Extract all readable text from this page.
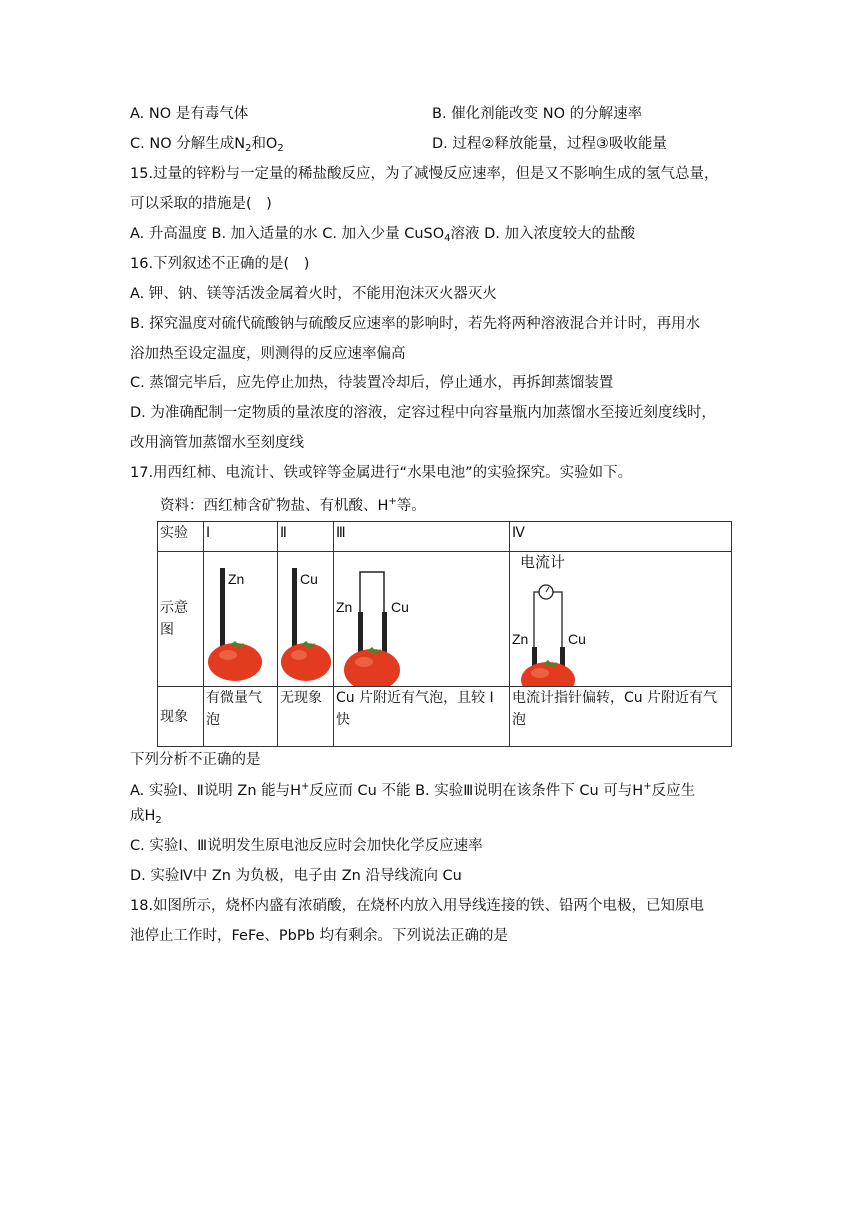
A. NO 是有毒气体	B. 催化剂能改变 NO 的分解速率
C. NO 分解生成$N_2$和$O_2$	D. 过程②释放能量，过程③吸收能量
15.过量的锌粉与一定量的稀盐酸反应，为了减慢反应速率，但是又不影响生成的氢气总量，
可以采取的措施是(　)
A. 升高温度 B. 加入适量的水 C. 加入少量 CuSO$_4$溶液 D. 加入浓度较大的盐酸
16.下列叙述不正确的是(　)
A. 钾、钠、镁等活泼金属着火时，不能用泡沫灭火器灭火
B. 探究温度对硫代硫酸钠与硫酸反应速率的影响时，若先将两种溶液混合并计时，再用水
浴加热至设定温度，则测得的反应速率偏高
C. 蒸馏完毕后，应先停止加热，待装置冷却后，停止通水，再拆卸蒸馏装置
D. 为准确配制一定物质的量浓度的溶液，定容过程中向容量瓶内加蒸馏水至接近刻度线时，
改用滴管加蒸馏水至刻度线
17.用西红柿、电流计、铁或锌等金属进行“水果电池”的实验探究。实验如下。
资料：西红柿含矿物盐、有机酸、H+等。
实验	Ⅰ	Ⅱ	Ⅲ	Ⅳ
示意图	Zn	Cu	Zn Cu	电流计
Zn Cu

现象	有微量气泡	无现象	Cu 片附近有气泡，且较 I 快	电流计指针偏转，Cu 片附近有气泡
下列分析不正确的是
A. 实验Ⅰ、Ⅱ说明 Zn 能与H+反应而 Cu 不能 B. 实验Ⅲ说明在该条件下 Cu 可与H+反应生
成$H_2$
C. 实验Ⅰ、Ⅲ说明发生原电池反应时会加快化学反应速率
D. 实验Ⅳ中 Zn 为负极，电子由 Zn 沿导线流向 Cu
18.如图所示，烧杯内盛有浓硝酸，在烧杯内放入用导线连接的铁、铅两个电极，已知原电
池停止工作时，FeFe、PbPb 均有剩余。下列说法正确的是
